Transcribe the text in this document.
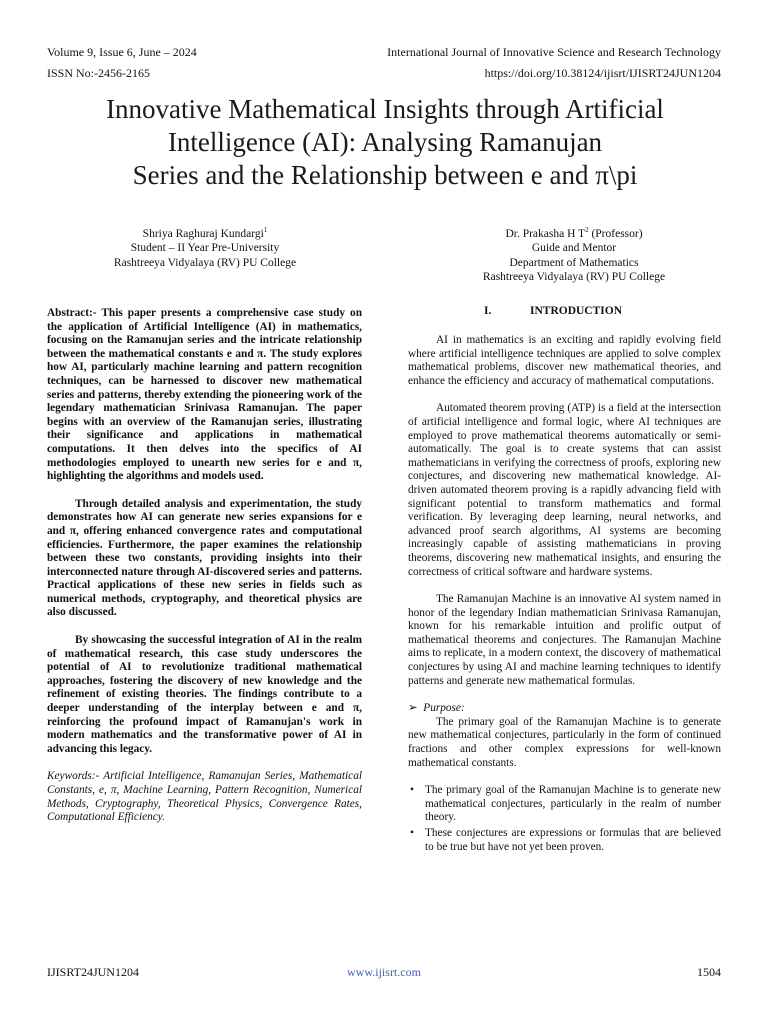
Volume 9, Issue 6, June – 2024
ISSN No:-2456-2165
International Journal of Innovative Science and Research Technology
https://doi.org/10.38124/ijisrt/IJISRT24JUN1204
Innovative Mathematical Insights through Artificial
Intelligence (AI): Analysing Ramanujan
Series and the Relationship between e and π\pi
Shriya Raghuraj Kundargi$^1$
Student – II Year Pre-University
Rashtreeya Vidyalaya (RV) PU College
Dr. Prakasha H $T^2$ (Professor)
Guide and Mentor
Department of Mathematics
Rashtreeya Vidyalaya (RV) PU College

Abstract:- This paper presents a comprehensive case study on the application of Artificial Intelligence (AI) in mathematics, focusing on the Ramanujan series and the intricate relationship between the mathematical constants e and π. The study explores how AI, particularly machine learning and pattern recognition techniques, can be harnessed to discover new mathematical series and patterns, thereby extending the pioneering work of the legendary mathematician Srinivasa Ramanujan. The paper begins with an overview of the Ramanujan series, illustrating their significance and applications in mathematical computations. It then delves into the specifics of AI methodologies employed to unearth new series for e and π, highlighting the algorithms and models used.

Through detailed analysis and experimentation, the study demonstrates how AI can generate new series expansions for e and π, offering enhanced convergence rates and computational efficiencies. Furthermore, the paper examines the relationship between these two constants, providing insights into their interconnected nature through AI-discovered series and patterns. Practical applications of these new series in fields such as numerical methods, cryptography, and theoretical physics are also discussed.

By showcasing the successful integration of AI in the realm of mathematical research, this case study underscores the potential of AI to revolutionize traditional mathematical approaches, fostering the discovery of new knowledge and the refinement of existing theories. The findings contribute to a deeper understanding of the interplay between e and π, reinforcing the profound impact of Ramanujan's work in modern mathematics and the transformative power of AI in advancing this legacy.

Keywords:- Artificial Intelligence, Ramanujan Series, Mathematical Constants, e, π, Machine Learning, Pattern Recognition, Numerical Methods, Cryptography, Theoretical Physics, Convergence Rates, Computational Efficiency.

I.	INTRODUCTION

AI in mathematics is an exciting and rapidly evolving field where artificial intelligence techniques are applied to solve complex mathematical problems, discover new mathematical theories, and enhance the efficiency and accuracy of mathematical computations.

Automated theorem proving (ATP) is a field at the intersection of artificial intelligence and formal logic, where AI techniques are employed to prove mathematical theorems automatically or semi-automatically. The goal is to create systems that can assist mathematicians in verifying the correctness of proofs, exploring new conjectures, and discovering new mathematical knowledge. AI-driven automated theorem proving is a rapidly advancing field with significant potential to transform mathematics and formal verification. By leveraging deep learning, neural networks, and advanced proof search algorithms, AI systems are becoming increasingly capable of assisting mathematicians in proving theorems, discovering new mathematical insights, and ensuring the correctness of critical software and hardware systems.

The Ramanujan Machine is an innovative AI system named in honor of the legendary Indian mathematician Srinivasa Ramanujan, known for his remarkable intuition and prolific output of mathematical theorems and conjectures. The Ramanujan Machine aims to replicate, in a modern context, the discovery of mathematical conjectures by using AI and machine learning techniques to identify patterns and generate new mathematical formulas.

➢ Purpose:

The primary goal of the Ramanujan Machine is to generate new mathematical conjectures, particularly in the form of continued fractions and other complex expressions for well-known mathematical constants.

• The primary goal of the Ramanujan Machine is to generate new mathematical conjectures, particularly in the realm of number theory.
• These conjectures are expressions or formulas that are believed to be true but have not yet been proven.
IJISRT24JUN1204	www.ijisrt.com	1504
